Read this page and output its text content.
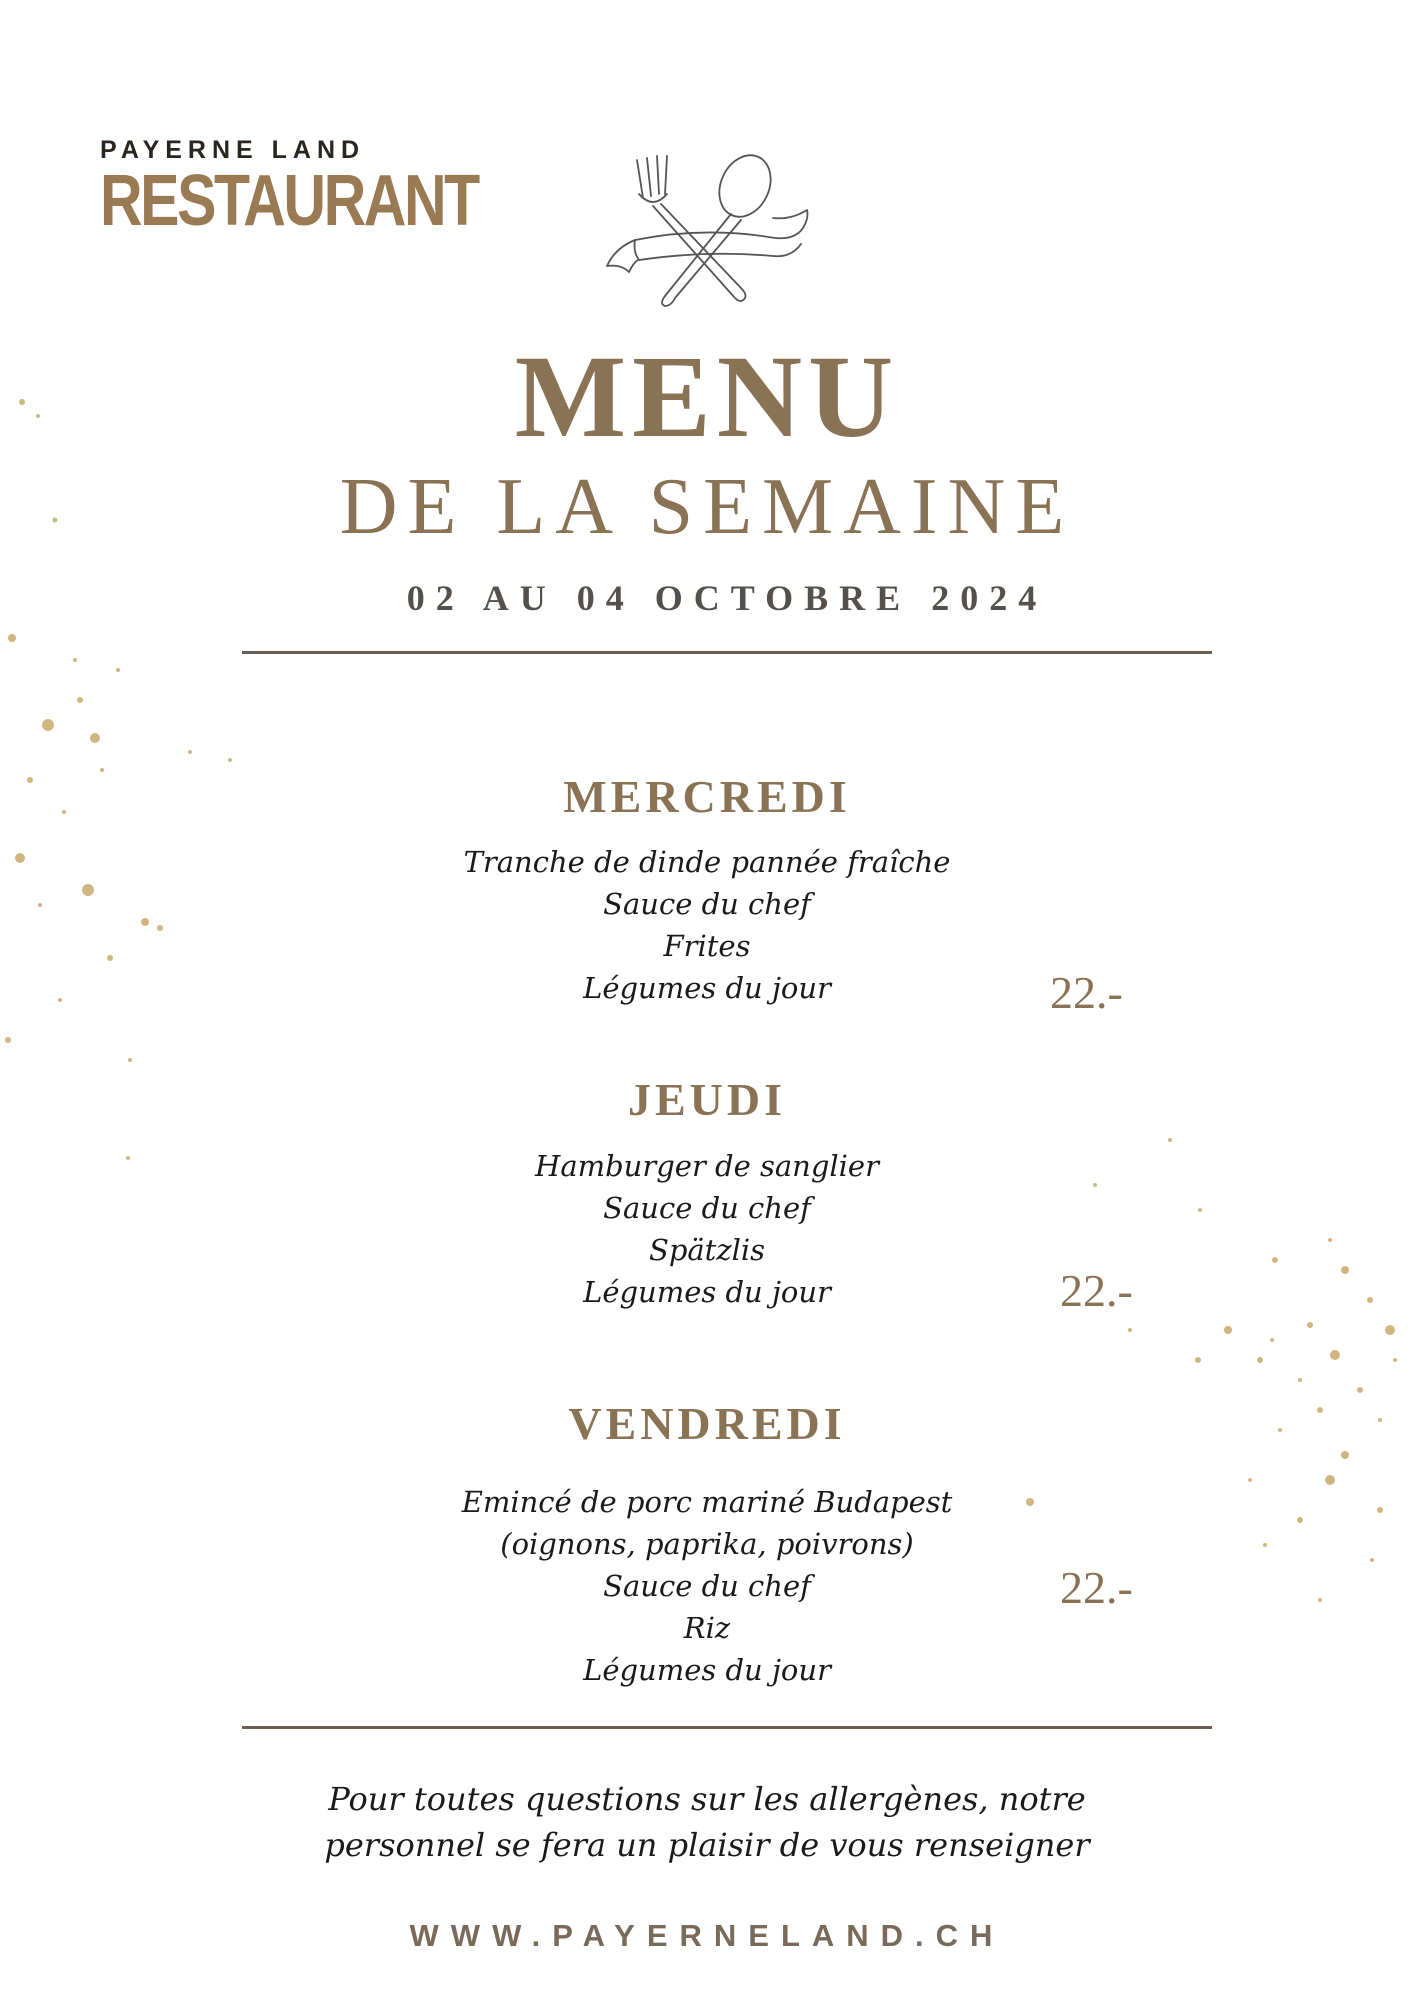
PAYERNE LAND
RESTAURANT
MENU
DE LA SEMAINE
02 AU 04 OCTOBRE 2024
MERCREDI
Tranche de dinde pannée fraîche
Sauce du chef
Frites
Légumes du jour	22.-
JEUDI
Hamburger de sanglier
Sauce du chef
Spätzlis
Légumes du jour	22.-
VENDREDI
Emincé de porc mariné Budapest
(oignons, paprika, poivrons)
Sauce du chef
Riz
Légumes du jour
22.-
Pour toutes questions sur les allergènes, notre
personnel se fera un plaisir de vous renseigner
WWW.PAYERNELAND.CH
